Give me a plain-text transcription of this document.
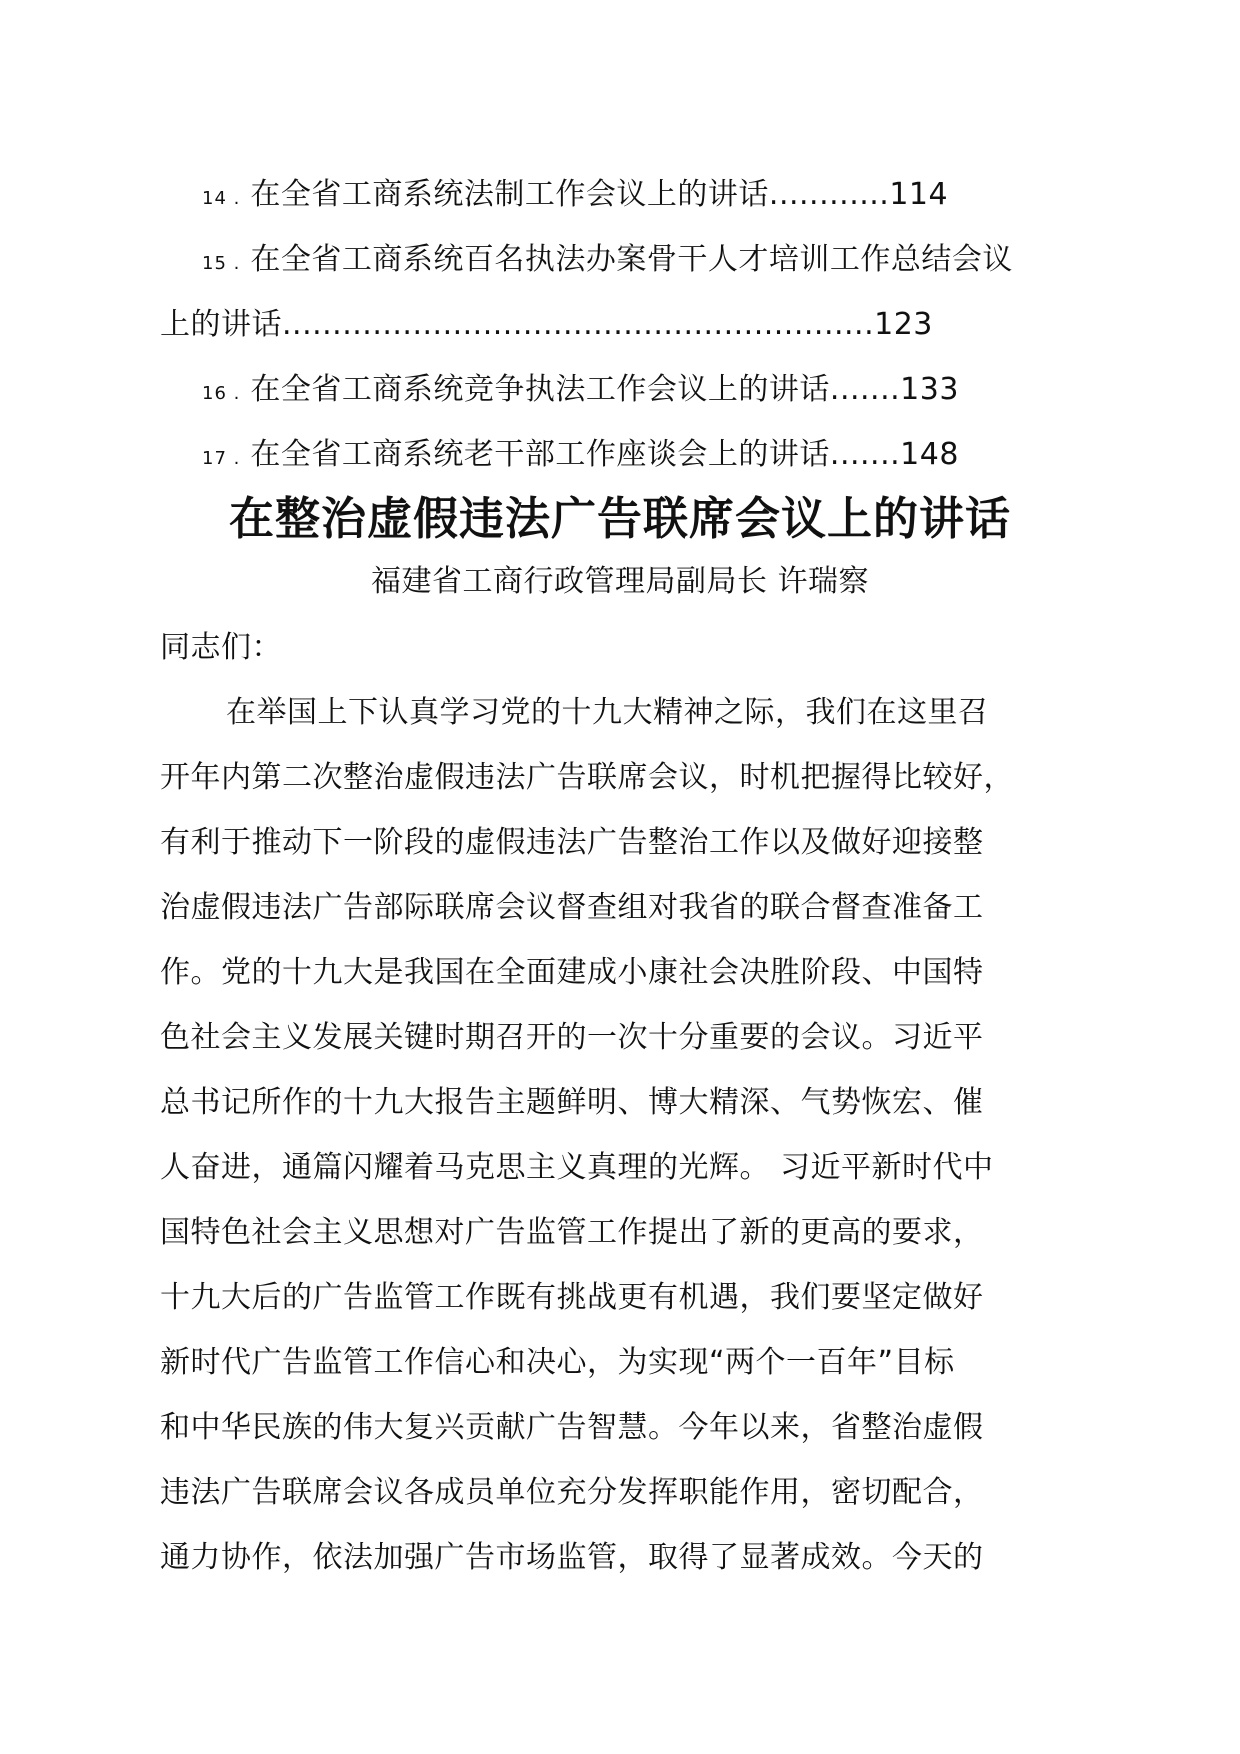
14 . 在全省工商系统法制工作会议上的讲话............114
15 . 在全省工商系统百名执法办案骨干人才培训工作总结会议
上的讲话...........................................................123
16 . 在全省工商系统竞争执法工作会议上的讲话.......133
17 . 在全省工商系统老干部工作座谈会上的讲话.......148
在整治虚假违法广告联席会议上的讲话
福建省工商行政管理局副局长 许瑞察
同志们：
在举国上下认真学习党的十九大精神之际，我们在这里召
开年内第二次整治虚假违法广告联席会议，时机把握得比较好，
有利于推动下一阶段的虚假违法广告整治工作以及做好迎接整
治虚假违法广告部际联席会议督查组对我省的联合督查准备工
作。党的十九大是我国在全面建成小康社会决胜阶段、中国特
色社会主义发展关键时期召开的一次十分重要的会议。习近平
总书记所作的十九大报告主题鲜明、博大精深、气势恢宏、催
人奋进，通篇闪耀着马克思主义真理的光辉。 习近平新时代中
国特色社会主义思想对广告监管工作提出了新的更高的要求，
十九大后的广告监管工作既有挑战更有机遇，我们要坚定做好
新时代广告监管工作信心和决心，为实现“两个一百年”目标
和中华民族的伟大复兴贡献广告智慧。今年以来，省整治虚假
违法广告联席会议各成员单位充分发挥职能作用，密切配合，
通力协作，依法加强广告市场监管，取得了显著成效。今天的
